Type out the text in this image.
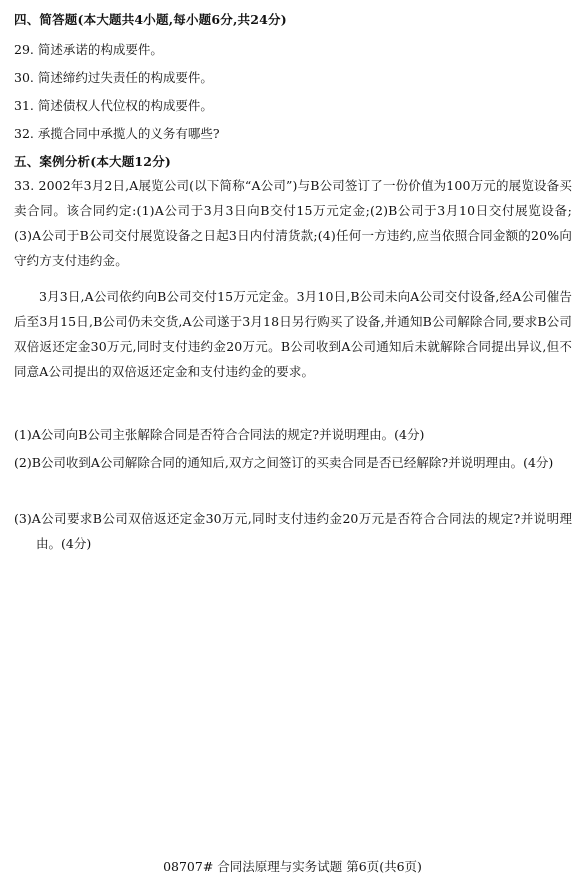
四、简答题(本大题共4小题,每小题6分,共24分)
29. 简述承诺的构成要件。
30. 简述缔约过失责任的构成要件。
31. 简述债权人代位权的构成要件。
32. 承揽合同中承揽人的义务有哪些?
五、案例分析(本大题12分)
33. 2002年3月2日,A展览公司(以下简称“A公司”)与B公司签订了一份价值为100万元的展览设备买卖合同。该合同约定:(1)A公司于3月3日向B交付15万元定金;(2)B公司于3月10日交付展览设备;(3)A公司于B公司交付展览设备之日起3日内付清货款;(4)任何一方违约,应当依照合同金额的20%向守约方支付违约金。
3月3日,A公司依约向B公司交付15万元定金。3月10日,B公司未向A公司交付设备,经A公司催告后至3月15日,B公司仍未交货,A公司遂于3月18日另行购买了设备,并通知B公司解除合同,要求B公司双倍返还定金30万元,同时支付违约金20万元。B公司收到A公司通知后未就解除合同提出异议,但不同意A公司提出的双倍返还定金和支付违约金的要求。
(1)A公司向B公司主张解除合同是否符合合同法的规定?并说明理由。(4分)
(2)B公司收到A公司解除合同的通知后,双方之间签订的买卖合同是否已经解除?并说明理由。(4分)
(3)A公司要求B公司双倍返还定金30万元,同时支付违约金20万元是否符合合同法的规定?并说明理由。(4分)
08707# 合同法原理与实务试题 第6页(共6页)
